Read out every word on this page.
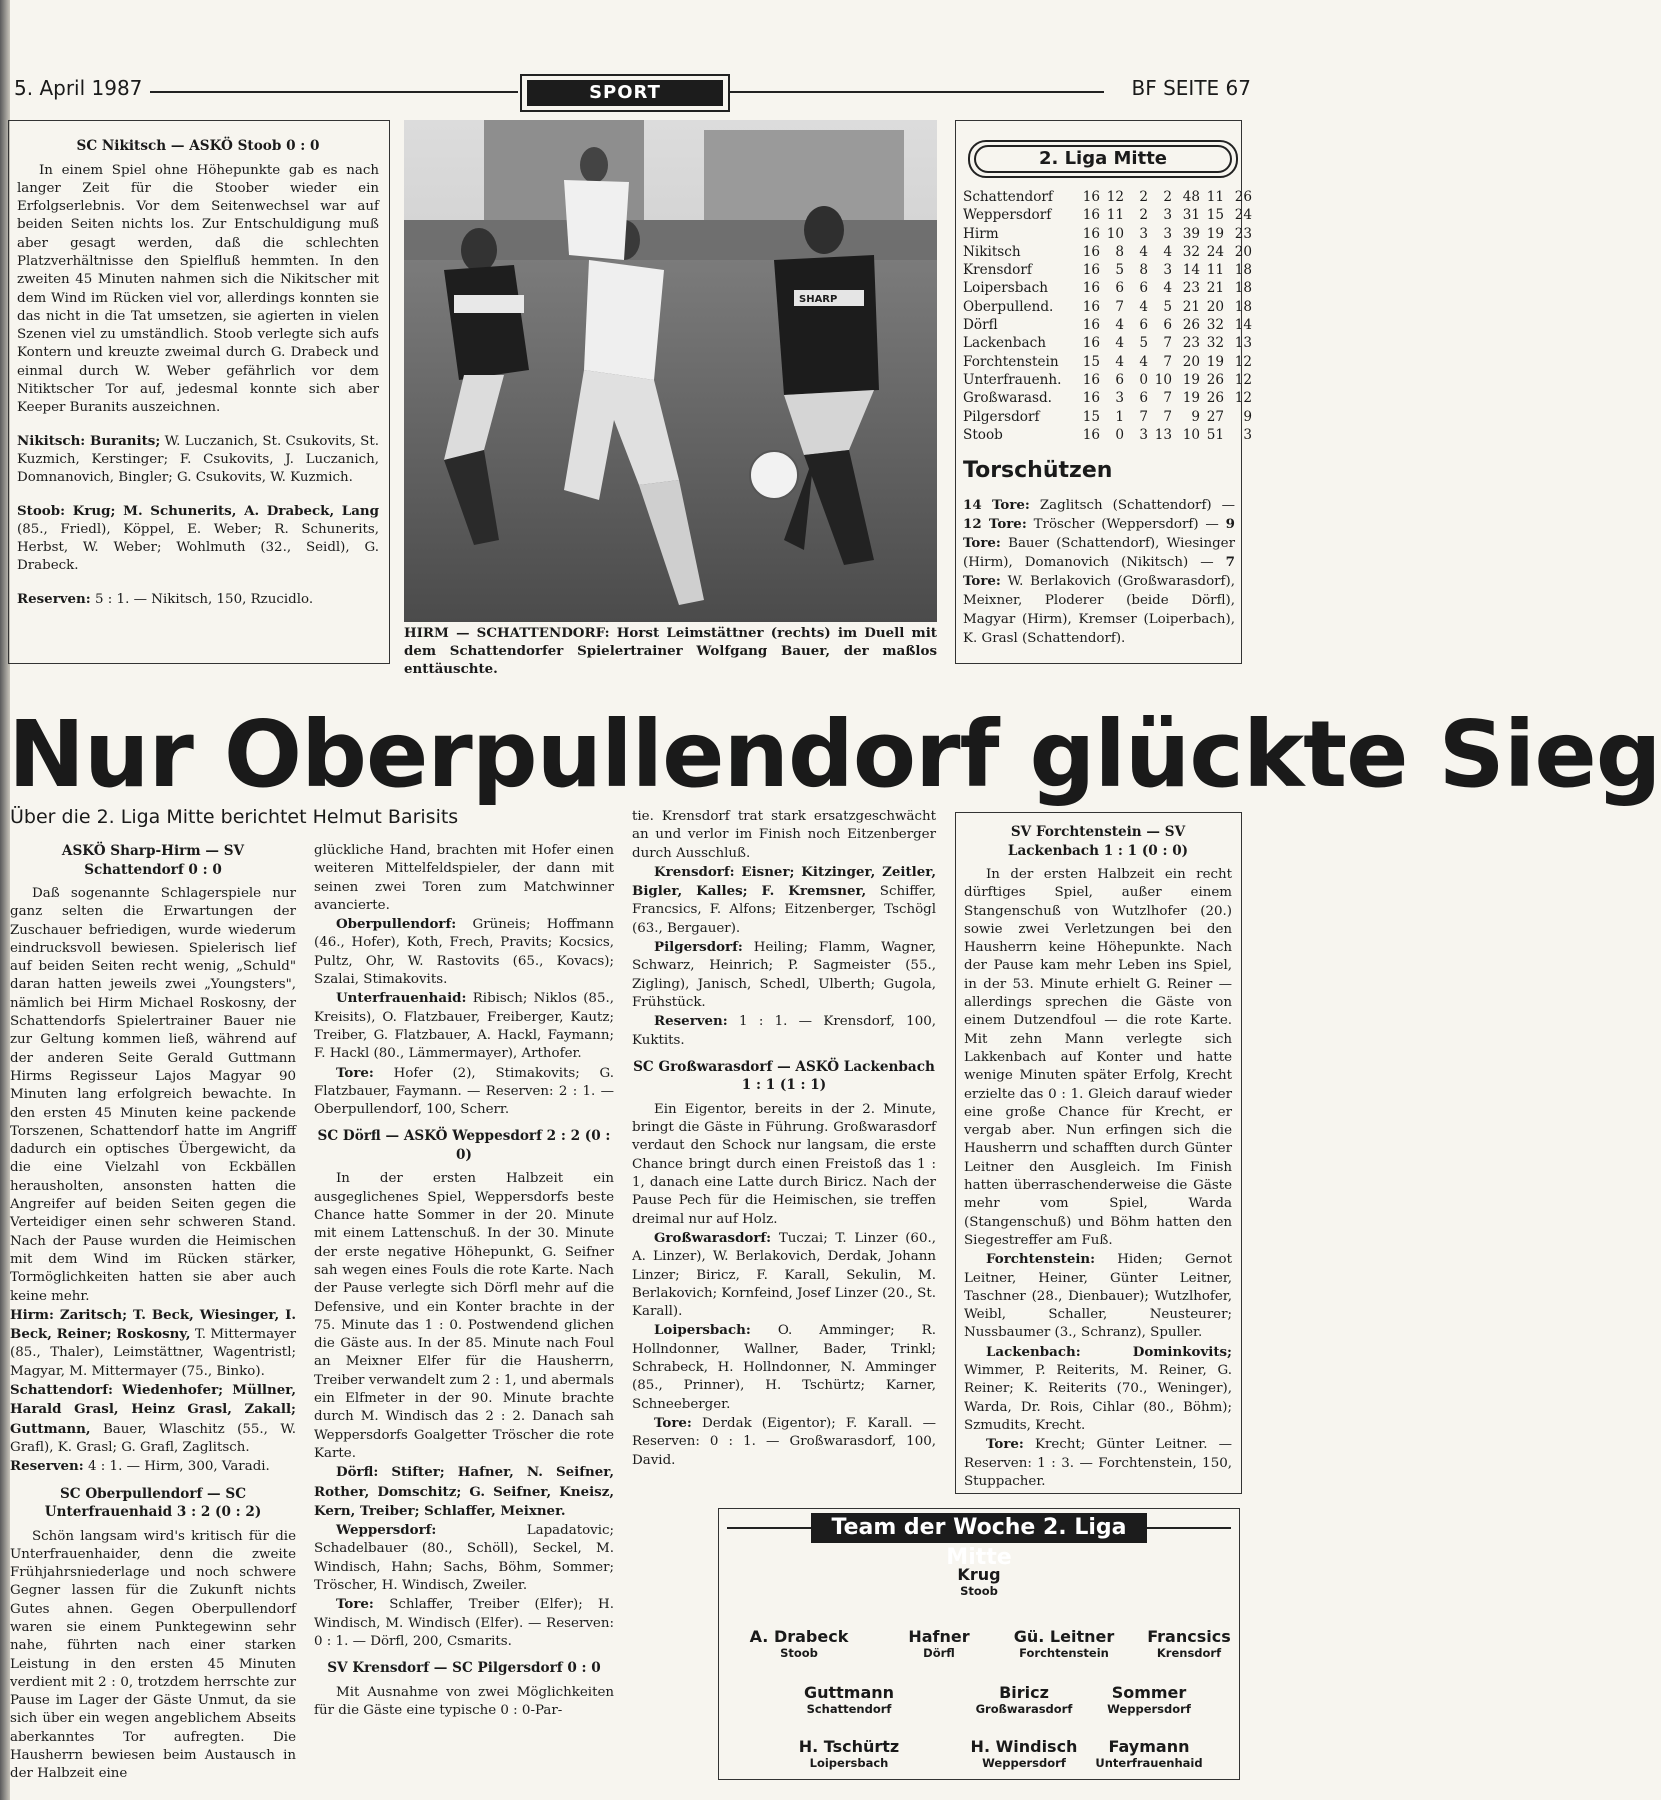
5. April 1987	SPORT	BF SEITE 67
SC Nikitsch — ASKÖ Stoob 0 : 0

In einem Spiel ohne Höhepunkte gab es nach langer Zeit für die Stoober wieder ein Erfolgserlebnis. Vor dem Seitenwechsel war auf beiden Seiten nichts los. Zur Entschuldigung muß aber gesagt werden, daß die schlechten Platzverhältnisse den Spielfluß hemmten. In den zweiten 45 Minuten nahmen sich die Nikitscher mit dem Wind im Rücken viel vor, allerdings konnten sie das nicht in die Tat umsetzen, sie agierten in vielen Szenen viel zu umständlich. Stoob verlegte sich aufs Kontern und kreuzte zweimal durch G. Drabeck und einmal durch W. Weber gefährlich vor dem Nitiktscher Tor auf, jedesmal konnte sich aber Keeper Buranits auszeichnen.

Nikitsch: Buranits; W. Luczanich, St. Csukovits, St. Kuzmich, Kerstinger; F. Csukovits, J. Luczanich, Domnanovich, Bingler; G. Csukovits, W. Kuzmich.

Stoob: Krug; M. Schunerits, A. Drabeck, Lang (85., Friedl), Köppel, E. Weber; R. Schunerits, Herbst, W. Weber; Wohlmuth (32., Seidl), G. Drabeck.

Reserven: 5 : 1. — Nikitsch, 150, Rzucidlo.

SHARP
HIRM — SCHATTENDORF: Horst Leimstättner (rechts) im Duell mit dem Schattendorfer Spielertrainer Wolfgang Bauer, der maßlos enttäuschte.
2. Liga Mitte
Schattendorf	16	12	2	2	48	11	26
Weppersdorf	16	11	2	3	31	15	24
Hirm	16	10	3	3	39	19	23
Nikitsch	16	8	4	4	32	24	20
Krensdorf	16	5	8	3	14	11	18
Loipersbach	16	6	6	4	23	21	18
Oberpullend.	16	7	4	5	21	20	18
Dörfl	16	4	6	6	26	32	14
Lackenbach	16	4	5	7	23	32	13
Forchtenstein	15	4	4	7	20	19	12
Unterfrauenh.	16	6	0	10	19	26	12
Großwarasd.	16	3	6	7	19	26	12
Pilgersdorf	15	1	7	7	9	27	9
Stoob	16	0	3	13	10	51	3
Torschützen
14 Tore: Zaglitsch (Schattendorf) — 12 Tore: Tröscher (Weppersdorf) — 9 Tore: Bauer (Schattendorf), Wiesinger (Hirm), Domanovich (Nikitsch) — 7 Tore: W. Berlakovich (Großwarasdorf), Meixner, Ploderer (beide Dörfl), Magyar (Hirm), Kremser (Loiperbach), K. Grasl (Schattendorf).
Nur Oberpullendorf glückte Sieg
Über die 2. Liga Mitte berichtet Helmut Barisits
ASKÖ Sharp-Hirm — SV Schattendorf 0 : 0

Daß sogenannte Schlagerspiele nur ganz selten die Erwartungen der Zuschauer befriedigen, wurde wiederum eindrucksvoll bewiesen. Spielerisch lief auf beiden Seiten recht wenig, „Schuld" daran hatten jeweils zwei „Youngsters", nämlich bei Hirm Michael Roskosny, der Schattendorfs Spielertrainer Bauer nie zur Geltung kommen ließ, während auf der anderen Seite Gerald Guttmann Hirms Regisseur Lajos Magyar 90 Minuten lang erfolgreich bewachte. In den ersten 45 Minuten keine packende Torszenen, Schattendorf hatte im Angriff dadurch ein optisches Übergewicht, da die eine Vielzahl von Eckbällen herausholten, ansonsten hatten die Angreifer auf beiden Seiten gegen die Verteidiger einen sehr schweren Stand. Nach der Pause wurden die Heimischen mit dem Wind im Rücken stärker, Tormöglichkeiten hatten sie aber auch keine mehr.

Hirm: Zaritsch; T. Beck, Wiesinger, I. Beck, Reiner; Roskosny, T. Mittermayer (85., Thaler), Leimstättner, Wagentristl; Magyar, M. Mittermayer (75., Binko).

Schattendorf: Wiedenhofer; Müllner, Harald Grasl, Heinz Grasl, Zakall; Guttmann, Bauer, Wlaschitz (55., W. Grafl), K. Grasl; G. Grafl, Zaglitsch.

Reserven: 4 : 1. — Hirm, 300, Varadi.

SC Oberpullendorf — SC Unterfrauenhaid 3 : 2 (0 : 2)

Schön langsam wird's kritisch für die Unterfrauenhaider, denn die zweite Frühjahrsniederlage und noch schwere Gegner lassen für die Zukunft nichts Gutes ahnen. Gegen Oberpullendorf waren sie einem Punktegewinn sehr nahe, führten nach einer starken Leistung in den ersten 45 Minuten verdient mit 2 : 0, trotzdem herrschte zur Pause im Lager der Gäste Unmut, da sie sich über ein wegen angeblichem Abseits aberkanntes Tor aufregten. Die Hausherrn bewiesen beim Austausch in der Halbzeit eine

glückliche Hand, brachten mit Hofer einen weiteren Mittelfeldspieler, der dann mit seinen zwei Toren zum Matchwinner avancierte.

Oberpullendorf: Grüneis; Hoffmann (46., Hofer), Koth, Frech, Pravits; Kocsics, Pultz, Ohr, W. Rastovits (65., Kovacs); Szalai, Stimakovits.

Unterfrauenhaid: Ribisch; Niklos (85., Kreisits), O. Flatzbauer, Freiberger, Kautz; Treiber, G. Flatzbauer, A. Hackl, Faymann; F. Hackl (80., Lämmermayer), Arthofer.

Tore: Hofer (2), Stimakovits; G. Flatzbauer, Faymann. — Reserven: 2 : 1. — Oberpullendorf, 100, Scherr.

SC Dörfl — ASKÖ Weppesdorf 2 : 2 (0 : 0)

In der ersten Halbzeit ein ausgeglichenes Spiel, Weppersdorfs beste Chance hatte Sommer in der 20. Minute mit einem Lattenschuß. In der 30. Minute der erste negative Höhepunkt, G. Seifner sah wegen eines Fouls die rote Karte. Nach der Pause verlegte sich Dörfl mehr auf die Defensive, und ein Konter brachte in der 75. Minute das 1 : 0. Postwendend glichen die Gäste aus. In der 85. Minute nach Foul an Meixner Elfer für die Hausherrn, Treiber verwandelt zum 2 : 1, und abermals ein Elfmeter in der 90. Minute brachte durch M. Windisch das 2 : 2. Danach sah Weppersdorfs Goalgetter Tröscher die rote Karte.

Dörfl: Stifter; Hafner, N. Seifner, Rother, Domschitz; G. Seifner, Kneisz, Kern, Treiber; Schlaffer, Meixner.

Weppersdorf:	Lapadatovic; Schadelbauer (80., Schöll), Seckel, M. Windisch, Hahn; Sachs, Böhm, Sommer; Tröscher, H. Windisch, Zweiler.

Tore: Schlaffer, Treiber (Elfer); H. Windisch, M. Windisch (Elfer). — Reserven: 0 : 1. — Dörfl, 200, Csmarits.

SV Krensdorf — SC Pilgersdorf 0 : 0

Mit Ausnahme von zwei Möglichkeiten für die Gäste eine typische 0 : 0-Par-

tie. Krensdorf trat stark ersatzgeschwächt an und verlor im Finish noch Eitzenberger durch Ausschluß.

Krensdorf: Eisner; Kitzinger, Zeitler, Bigler, Kalles; F. Kremsner, Schiffer, Francsics, F. Alfons; Eitzenberger, Tschögl (63., Bergauer).

Pilgersdorf: Heiling; Flamm, Wagner, Schwarz, Heinrich; P. Sagmeister (55., Zigling), Janisch, Schedl, Ulberth; Gugola, Frühstück.

Reserven: 1 : 1. — Krensdorf, 100, Kuktits.

SC Großwarasdorf — ASKÖ Lackenbach 1 : 1 (1 : 1)

Ein Eigentor, bereits in der 2. Minute, bringt die Gäste in Führung. Großwarasdorf verdaut den Schock nur langsam, die erste Chance bringt durch einen Freistoß das 1 : 1, danach eine Latte durch Biricz. Nach der Pause Pech für die Heimischen, sie treffen dreimal nur auf Holz.

Großwarasdorf: Tuczai; T. Linzer (60., A. Linzer), W. Berlakovich, Derdak, Johann Linzer; Biricz, F. Karall, Sekulin, M. Berlakovich; Kornfeind, Josef Linzer (20., St. Karall).

Loipersbach: O. Amminger; R. Hollndonner, Wallner, Bader, Trinkl; Schrabeck, H. Hollndonner, N. Amminger (85., Prinner), H. Tschürtz; Karner, Schneeberger.

Tore: Derdak (Eigentor); F. Karall. — Reserven: 0 : 1. — Großwarasdorf, 100, David.

SV Forchtenstein — SV Lackenbach 1 : 1 (0 : 0)

In der ersten Halbzeit ein recht dürftiges Spiel, außer einem Stangenschuß von Wutzlhofer (20.) sowie zwei Verletzungen bei den Hausherrn keine Höhepunkte. Nach der Pause kam mehr Leben ins Spiel, in der 53. Minute erhielt G. Reiner — allerdings sprechen die Gäste von einem Dutzendfoul — die rote Karte. Mit zehn Mann verlegte sich Lakkenbach auf Konter und hatte wenige Minuten später Erfolg, Krecht erzielte das 0 : 1. Gleich darauf wieder eine große Chance für Krecht, er vergab aber. Nun erfingen sich die Hausherrn und schafften durch Günter Leitner den Ausgleich. Im Finish hatten überraschenderweise die Gäste mehr vom Spiel, Warda (Stangenschuß) und Böhm hatten den Siegestreffer am Fuß.

Forchtenstein: Hiden; Gernot Leitner, Heiner, Günter Leitner, Taschner (28., Dienbauer); Wutzlhofer, Weibl, Schaller, Neusteurer; Nussbaumer (3., Schranz), Spuller.

Lackenbach: Dominkovits; Wimmer, P. Reiterits, M. Reiner, G. Reiner; K. Reiterits (70., Weninger), Warda, Dr. Rois, Cihlar (80., Böhm); Szmudits, Krecht.

Tore: Krecht; Günter Leitner. — Reserven: 1 : 3. — Forchtenstein, 150, Stuppacher.

Team der Woche 2. Liga Mitte
Krug
Stoob
A. Drabeck
Stoob
Hafner
Dörfl
Gü. Leitner
Forchtenstein
Francsics
Krensdorf
Guttmann
Schattendorf
Biricz
Großwarasdorf
Sommer
Weppersdorf
H. Tschürtz
Loipersbach
H. Windisch
Weppersdorf
Faymann
Unterfrauenhaid
